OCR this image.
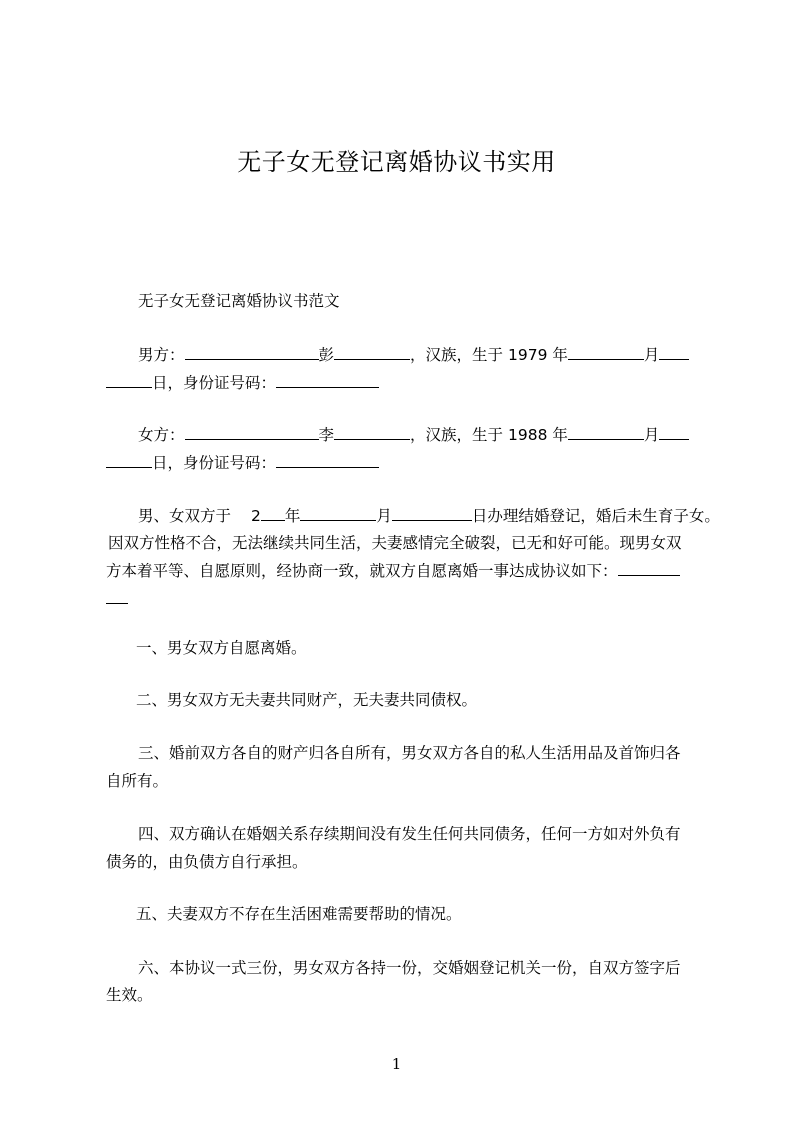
无子女无登记离婚协议书实用
无子女无登记离婚协议书范文
男方：	彭	，汉族，生于 1979 年	月
日，身份证号码：
女方：	李	，汉族，生于 1988 年	月
日，身份证号码：
男、女双方于 2 年	月	日办理结婚登记，婚后未生育子女。
因双方性格不合，无法继续共同生活，夫妻感情完全破裂，已无和好可能。现男女双
方本着平等、自愿原则，经协商一致，就双方自愿离婚一事达成协议如下：
一、男女双方自愿离婚。
二、男女双方无夫妻共同财产，无夫妻共同债权。
三、婚前双方各自的财产归各自所有，男女双方各自的私人生活用品及首饰归各
自所有。
四、双方确认在婚姻关系存续期间没有发生任何共同债务，任何一方如对外负有
债务的，由负债方自行承担。
五、夫妻双方不存在生活困难需要帮助的情况。
六、本协议一式三份，男女双方各持一份，交婚姻登记机关一份，自双方签字后
生效。
1
